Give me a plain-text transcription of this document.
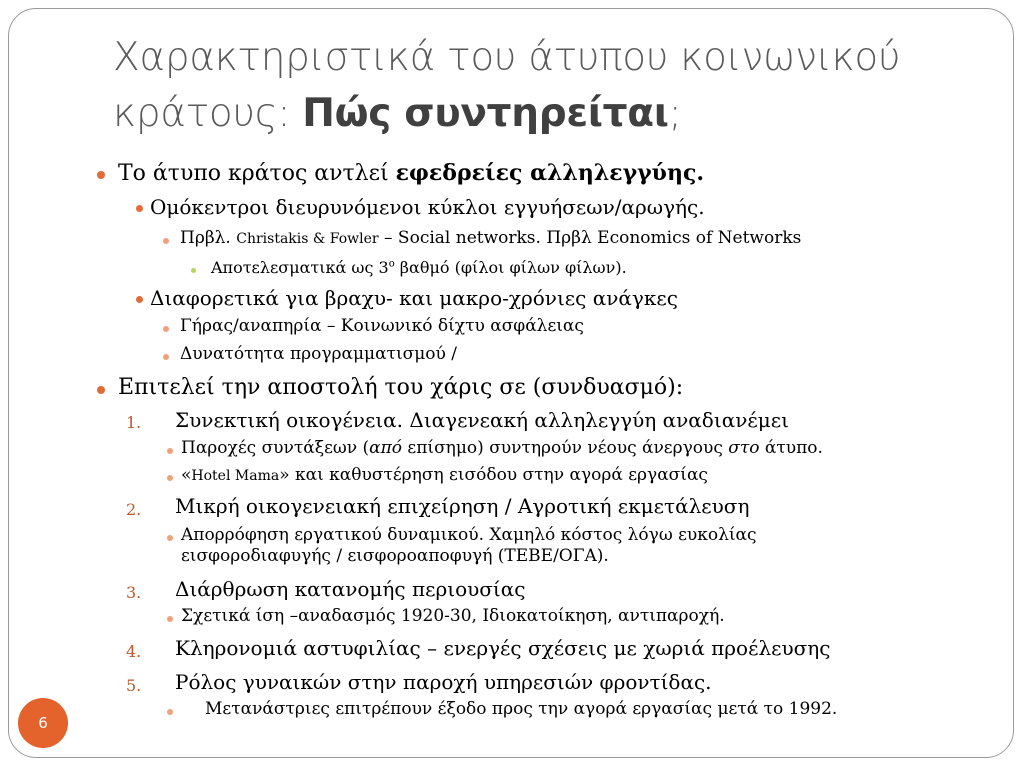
Χαρακτηριστικά του άτυπου κοινωνικού
κράτους: Πώς συντηρείται;
Το άτυπο κράτος αντλεί εφεδρείες αλληλεγγύης.
Ομόκεντροι διευρυνόμενοι κύκλοι εγγυήσεων/αρωγής.
Πρβλ. Christakis & Fowler – Social networks. Πρβλ Economics of Networks
Αποτελεσματικά ως $3^o$ βαθμό (φίλοι φίλων φίλων).
Διαφορετικά για βραχυ- και μακρο-χρόνιες ανάγκες
Γήρας/αναπηρία – Κοινωνικό δίχτυ ασφάλειας
Δυνατότητα προγραμματισμού /
Επιτελεί την αποστολή του χάρις σε (συνδυασμό):
1. Συνεκτική οικογένεια. Διαγενεακή αλληλεγγύη αναδιανέμει
Παροχές συντάξεων (από επίσημο) συντηρούν νέους άνεργους στο άτυπο.
«Hotel Mama» και καθυστέρηση εισόδου στην αγορά εργασίας
2. Μικρή οικογενειακή επιχείρηση / Αγροτική εκμετάλευση
Απορρόφηση εργατικού δυναμικού. Χαμηλό κόστος λόγω ευκολίας
εισφοροδιαφυγής / εισφοροαποφυγή (ΤΕΒΕ/ΟΓΑ).
3. Διάρθρωση κατανομής περιουσίας
Σχετικά ίση –αναδασμός 1920-30, Ιδιοκατοίκηση, αντιπαροχή.
4. Κληρονομιά αστυφιλίας – ενεργές σχέσεις με χωριά προέλευσης
5. Ρόλος γυναικών στην παροχή υπηρεσιών φροντίδας.
Μετανάστριες επιτρέπουν έξοδο προς την αγορά εργασίας μετά το 1992.
6
